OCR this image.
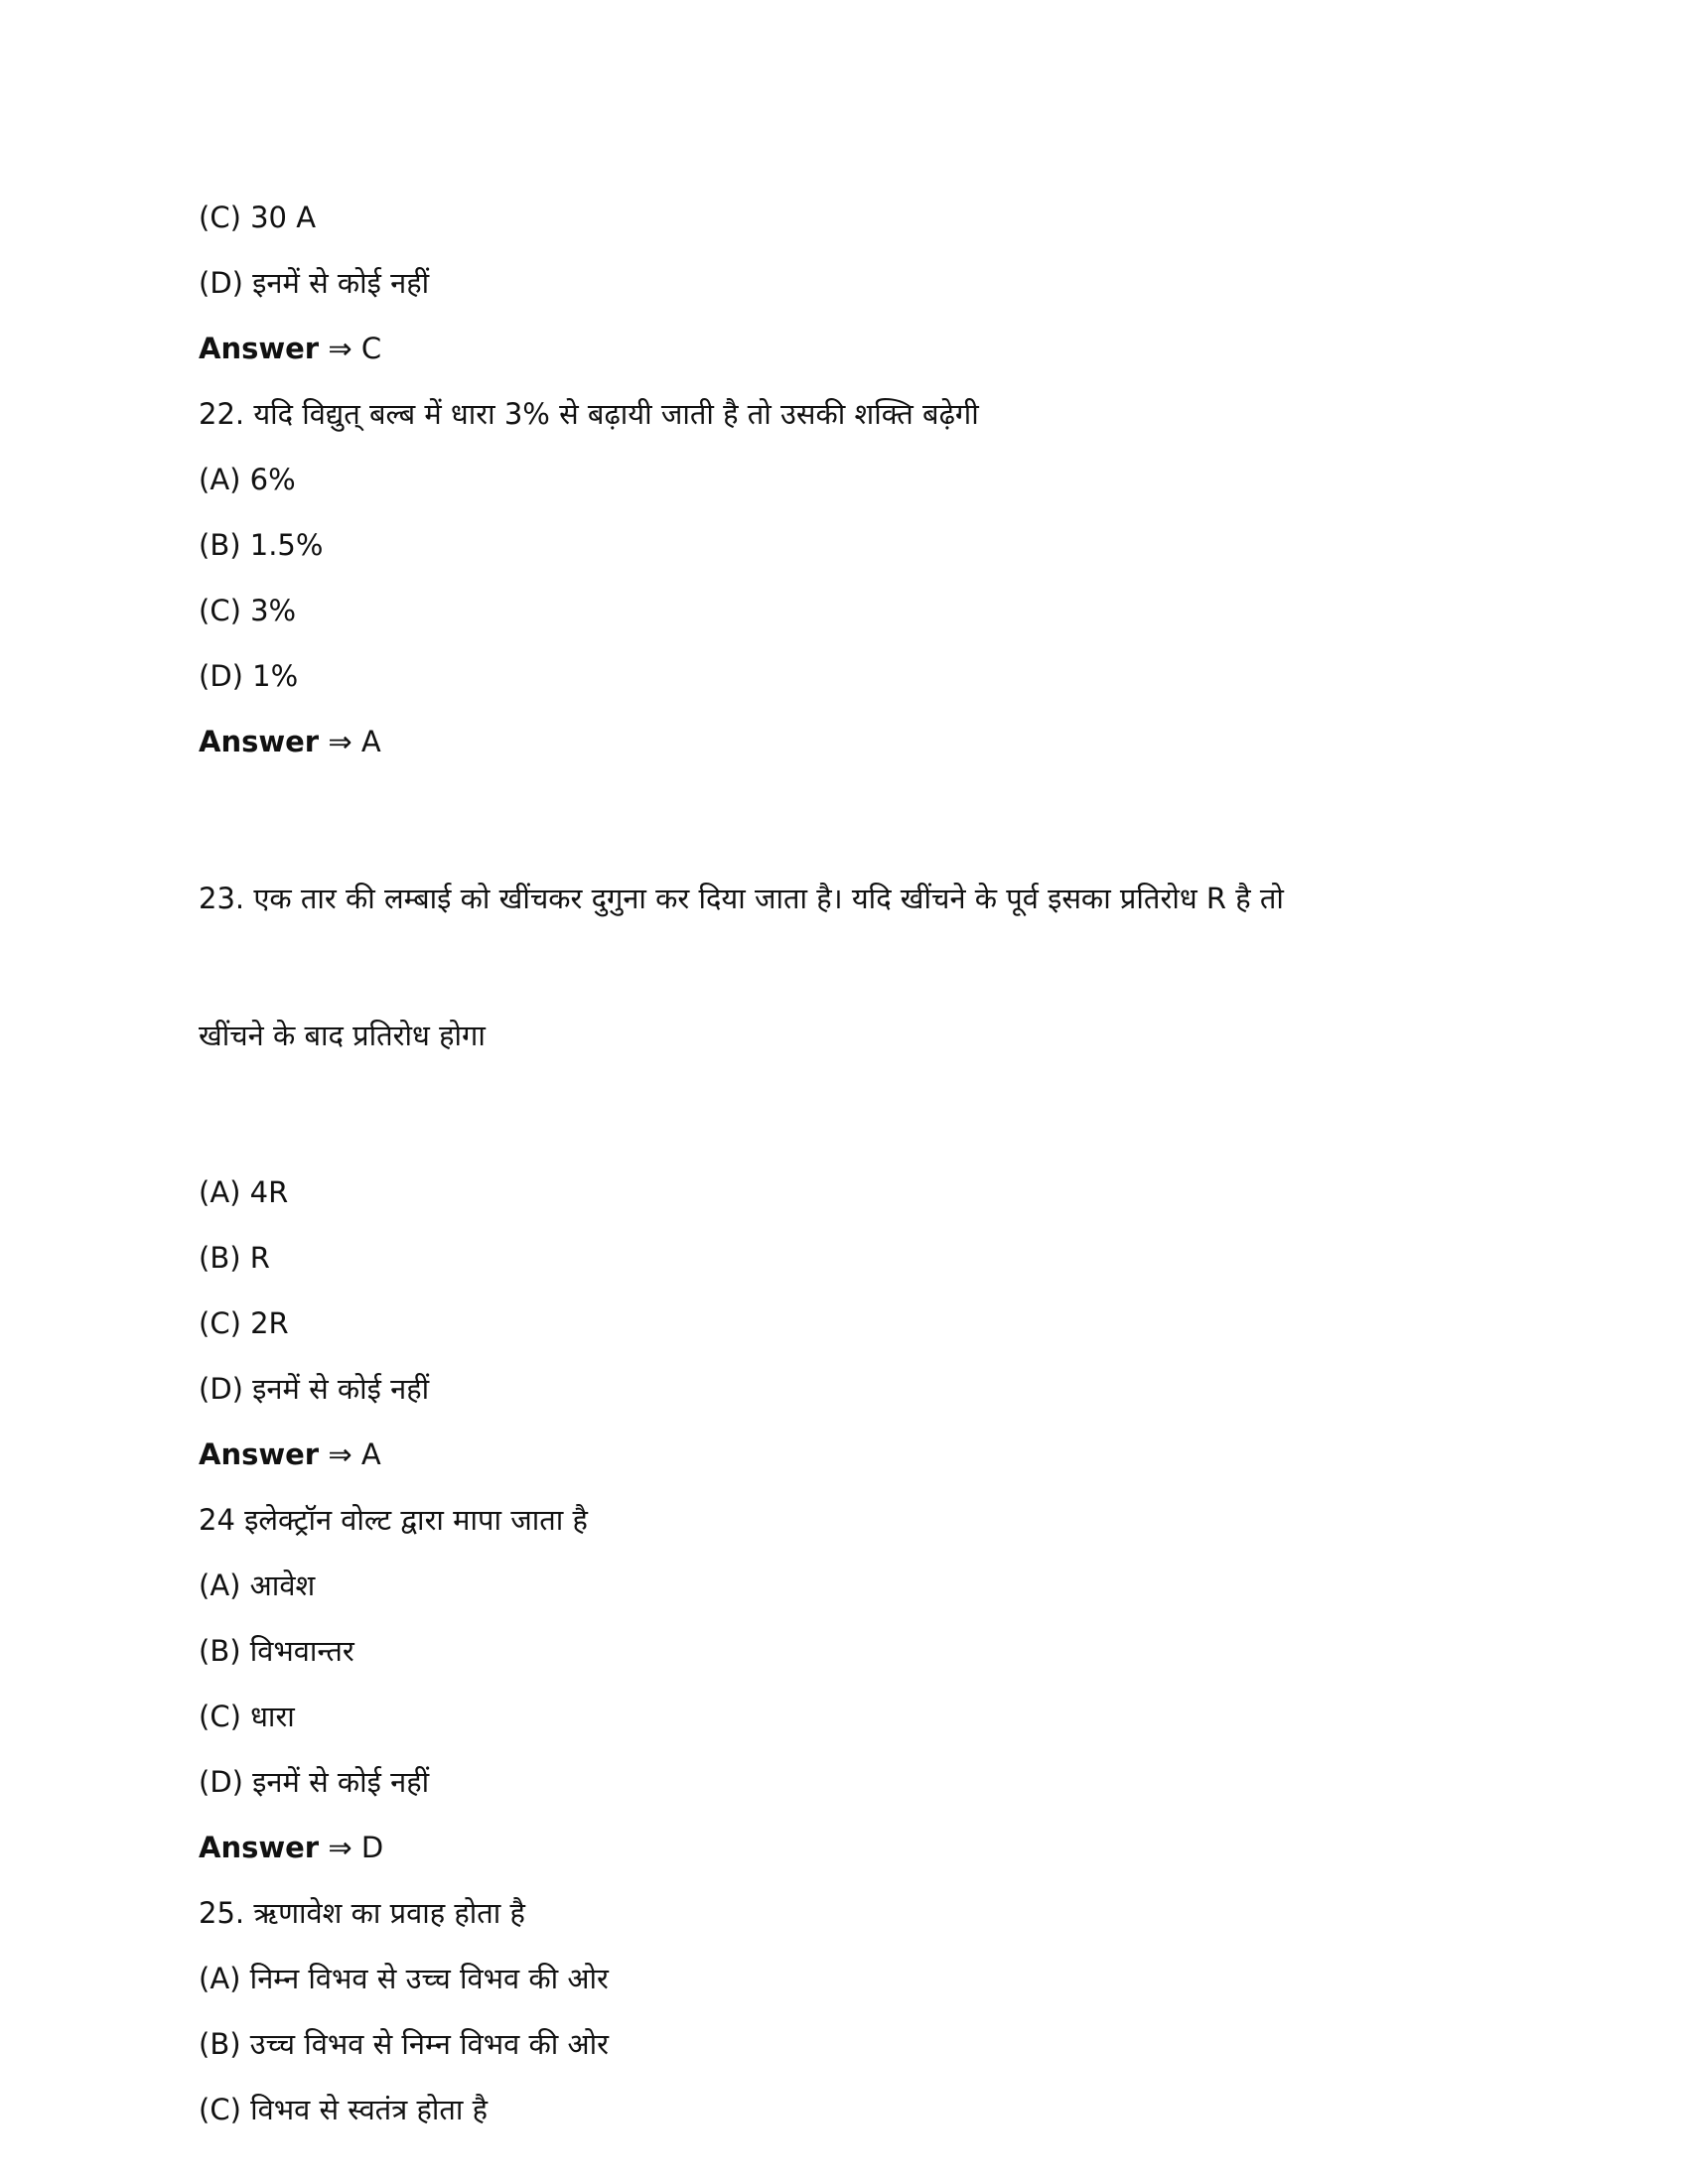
(C) 30 A
(D) इनमें से कोई नहीं
Answer ⇒ C
22. यदि विद्युत् बल्ब में धारा 3% से बढ़ायी जाती है तो उसकी शक्ति बढ़ेगी
(A) 6%
(B) 1.5%
(C) 3%
(D) 1%
Answer ⇒ A

23. एक तार की लम्बाई को खींचकर दुगुना कर दिया जाता है। यदि खींचने के पूर्व इसका प्रतिरोध R है तो

खींचने के बाद प्रतिरोध होगा

(A) 4R
(B) R
(C) 2R
(D) इनमें से कोई नहीं
Answer ⇒ A
24 इलेक्ट्रॉन वोल्ट द्वारा मापा जाता है
(A) आवेश
(B) विभवान्तर
(C) धारा
(D) इनमें से कोई नहीं
Answer ⇒ D
25. ऋणावेश का प्रवाह होता है
(A) निम्न विभव से उच्च विभव की ओर
(B) उच्च विभव से निम्न विभव की ओर
(C) विभव से स्वतंत्र होता है
